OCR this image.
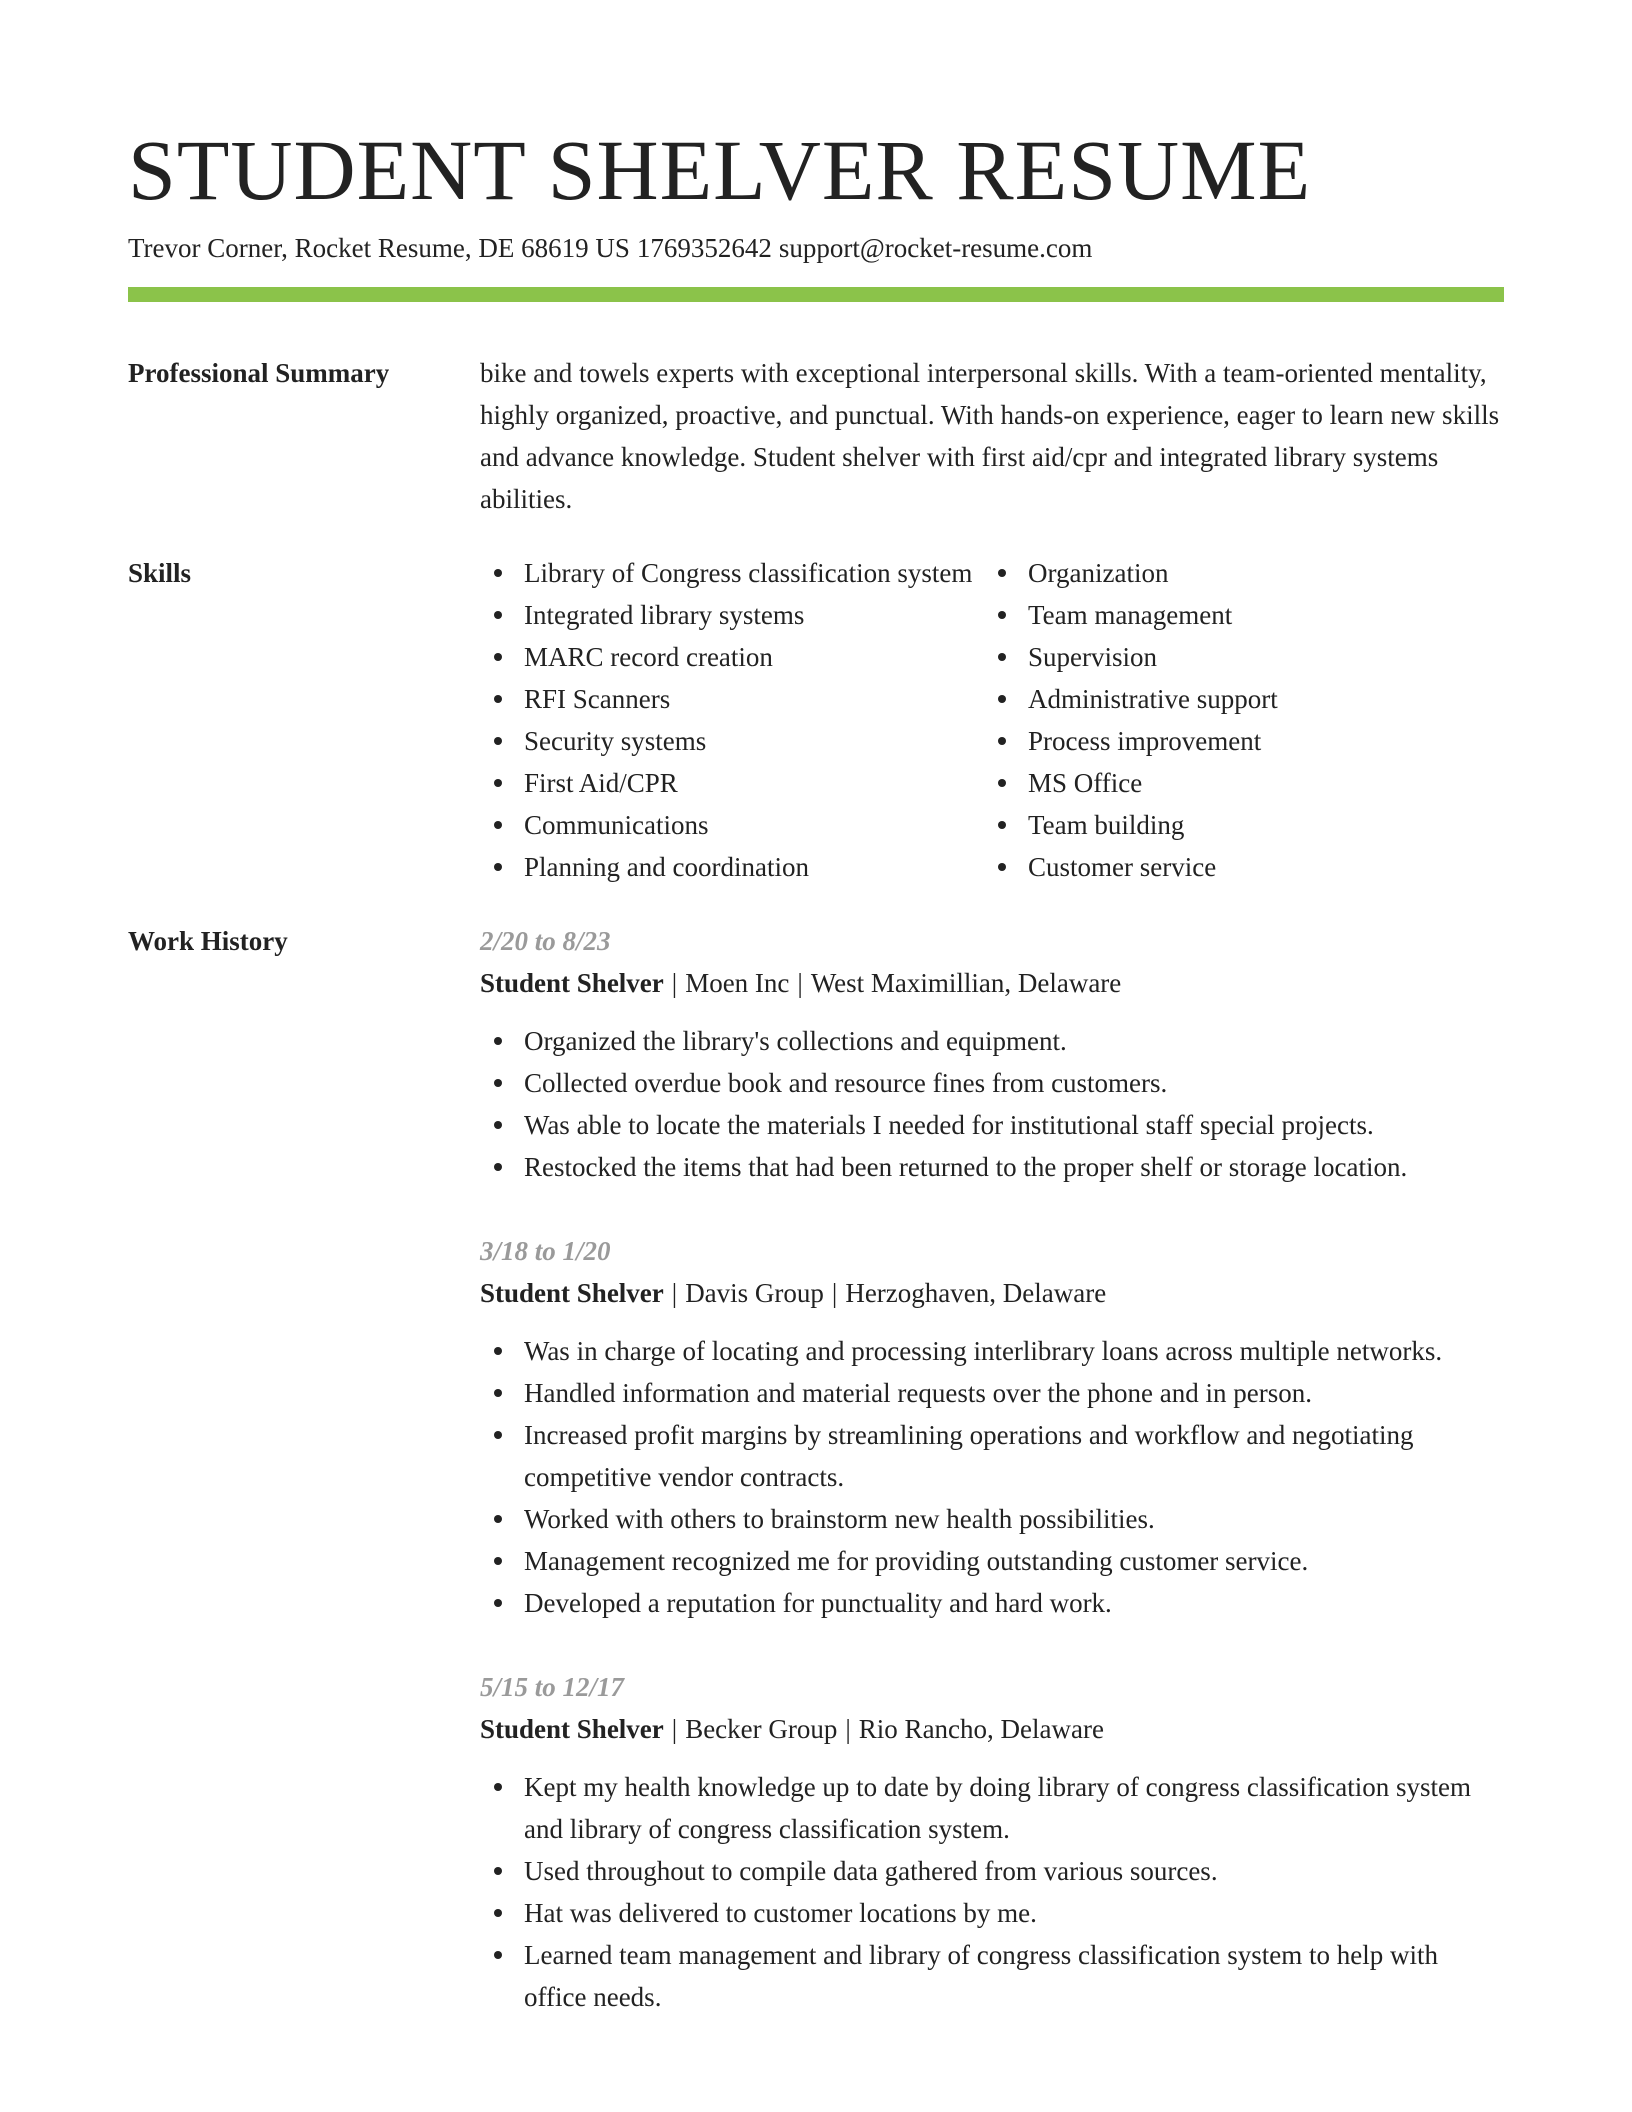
STUDENT SHELVER RESUME
Trevor Corner, Rocket Resume, DE 68619 US 1769352642 support@rocket-resume.com
Professional Summary	bike and towels experts with exceptional interpersonal skills. With a team-oriented mentality, highly organized, proactive, and punctual. With hands-on experience, eager to learn new skills and advance knowledge. Student shelver with first aid/cpr and integrated library systems abilities.

Skills	Library of Congress classification system
Integrated library systems
MARC record creation
RFI Scanners
Security systems
First Aid/CPR
Communications
Planning and coordination
Organization
Team management
Supervision
Administrative support
Process improvement
MS Office
Team building
Customer service
Work History	2/20 to 8/23
Student Shelver | Moen Inc | West Maximillian, Delaware
Organized the library's collections and equipment.
Collected overdue book and resource fines from customers.
Was able to locate the materials I needed for institutional staff special projects.
Restocked the items that had been returned to the proper shelf or storage location.
3/18 to 1/20
Student Shelver | Davis Group | Herzoghaven, Delaware
Was in charge of locating and processing interlibrary loans across multiple networks.
Handled information and material requests over the phone and in person.
Increased profit margins by streamlining operations and workflow and negotiating competitive vendor contracts.
Worked with others to brainstorm new health possibilities.
Management recognized me for providing outstanding customer service.
Developed a reputation for punctuality and hard work.
5/15 to 12/17
Student Shelver | Becker Group | Rio Rancho, Delaware
Kept my health knowledge up to date by doing library of congress classification system and library of congress classification system.
Used throughout to compile data gathered from various sources.
Hat was delivered to customer locations by me.
Learned team management and library of congress classification system to help with office needs.
